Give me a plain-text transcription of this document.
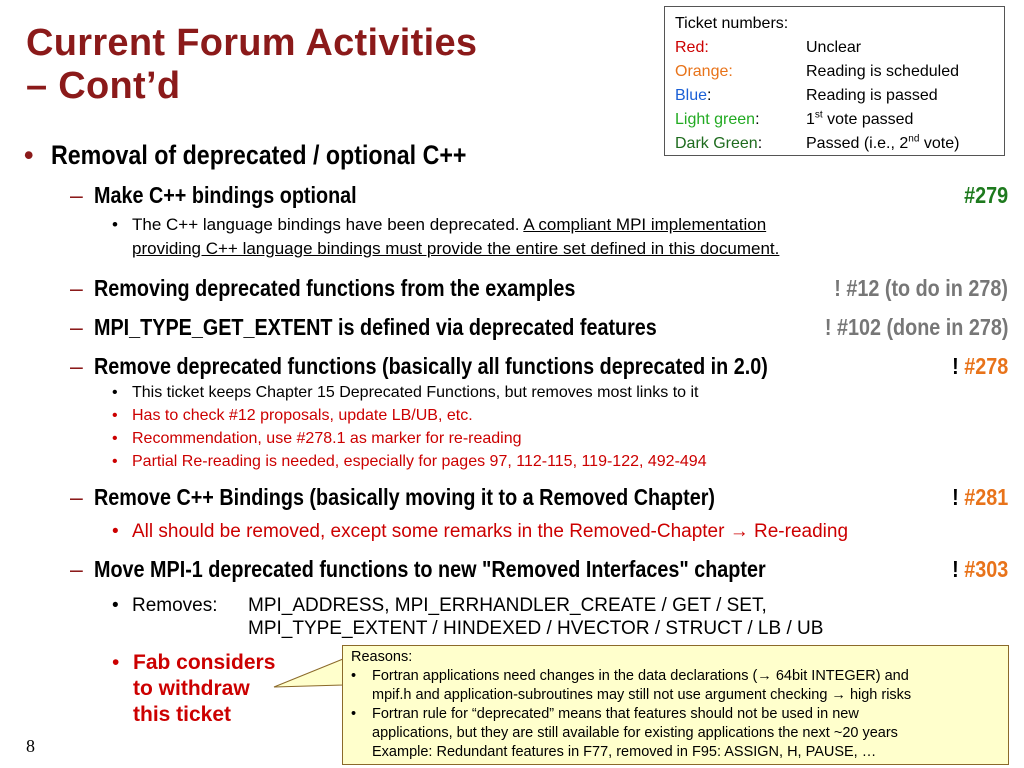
Current Forum Activities
– Cont’d
Ticket numbers:
Red:	Unclear
Orange:	Reading is scheduled
Blue:	Reading is passed
Light green:	1st vote passed
Dark Green:	Passed (i.e., 2nd vote)
• Removal of deprecated / optional C++
– Make C++ bindings optional	#279
• The C++ language bindings have been deprecated. A compliant MPI implementation
providing C++ language bindings must provide the entire set defined in this document.
– Removing deprecated functions from the examples	! #12 (to do in 278)
– MPI_TYPE_GET_EXTENT is defined via deprecated features	! #102 (done in 278)
– Remove deprecated functions (basically all functions deprecated in 2.0)	! #278
• This ticket keeps Chapter 15 Deprecated Functions, but removes most links to it
• Has to check #12 proposals, update LB/UB, etc.
• Recommendation, use #278.1 as marker for re-reading
• Partial Re-reading is needed, especially for pages 97, 112-115, 119-122, 492-494
– Remove C++ Bindings (basically moving it to a Removed Chapter)	! #281
• All should be removed, except some remarks in the Removed-Chapter → Re-reading
– Move MPI-1 deprecated functions to new "Removed Interfaces" chapter	! #303
• Removes: MPI_ADDRESS, MPI_ERRHANDLER_CREATE / GET / SET,
MPI_TYPE_EXTENT / HINDEXED / HVECTOR / STRUCT / LB / UB
• Fab considers
to withdraw
this ticket
Reasons:
• Fortran applications need changes in the data declarations (→ 64bit INTEGER) and
mpif.h and application-subroutines may still not use argument checking → high risks
• Fortran rule for “deprecated” means that features should not be used in new
applications, but they are still available for existing applications the next ~20 years
Example: Redundant features in F77, removed in F95: ASSIGN, H, PAUSE, …
8
